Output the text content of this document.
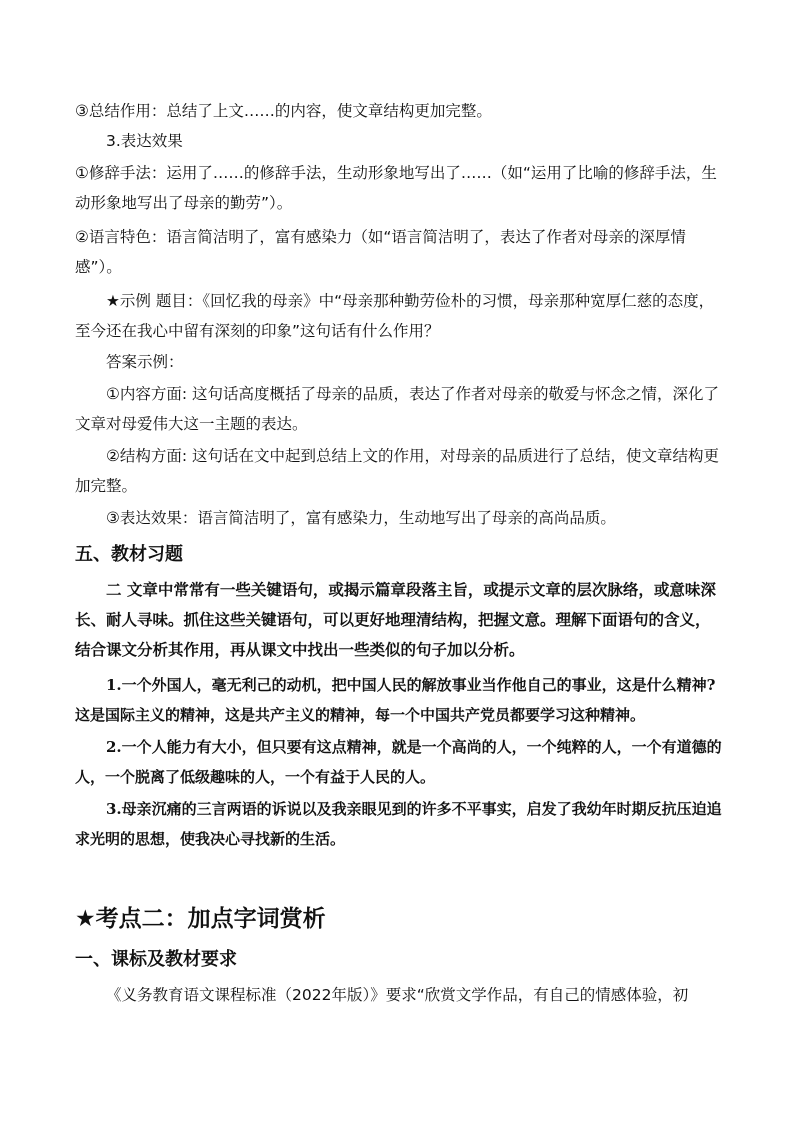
③总结作用：总结了上文……的内容，使文章结构更加完整。

3.表达效果

①修辞手法：运用了……的修辞手法，生动形象地写出了……（如“运用了比喻的修辞手法，生动形象地写出了母亲的勤劳”）。

②语言特色：语言简洁明了，富有感染力（如“语言简洁明了，表达了作者对母亲的深厚情感”）。

★示例 题目：《回忆我的母亲》中“母亲那种勤劳俭朴的习惯，母亲那种宽厚仁慈的态度，至今还在我心中留有深刻的印象”这句话有什么作用？

答案示例：

①内容方面: 这句话高度概括了母亲的品质，表达了作者对母亲的敬爱与怀念之情，深化了文章对母爱伟大这一主题的表达。

②结构方面: 这句话在文中起到总结上文的作用，对母亲的品质进行了总结，使文章结构更加完整。

③表达效果：语言简洁明了，富有感染力，生动地写出了母亲的高尚品质。

五、教材习题

二 文章中常常有一些关键语句，或揭示篇章段落主旨，或提示文章的层次脉络，或意味深长、耐人寻味。抓住这些关键语句，可以更好地理清结构，把握文意。理解下面语句的含义，结合课文分析其作用，再从课文中找出一些类似的句子加以分析。

1.一个外国人，毫无利己的动机，把中国人民的解放事业当作他自己的事业，这是什么精神?这是国际主义的精神，这是共产主义的精神，每一个中国共产党员都要学习这种精神。

2.一个人能力有大小，但只要有这点精神，就是一个高尚的人，一个纯粹的人，一个有道德的人，一个脱离了低级趣味的人，一个有益于人民的人。

3.母亲沉痛的三言两语的诉说以及我亲眼见到的许多不平事实，启发了我幼年时期反抗压迫追求光明的思想，使我决心寻找新的生活。

★考点二：加点字词赏析
一、课标及教材要求

《义务教育语文课程标准（2022年版）》要求“欣赏文学作品，有自己的情感体验，初
